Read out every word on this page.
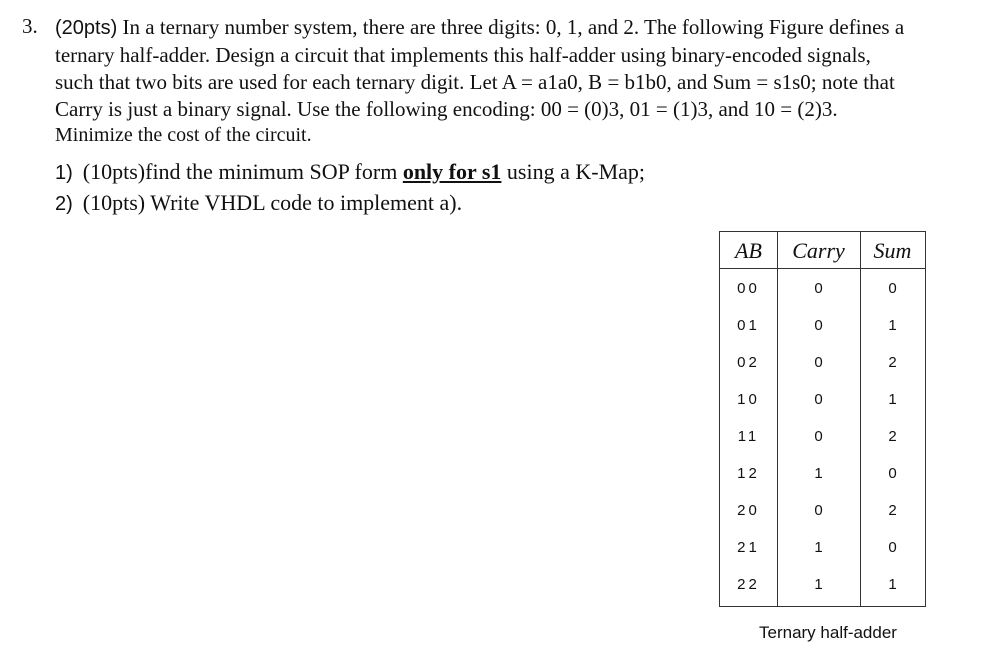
3. (20pts) In a ternary number system, there are three digits: 0, 1, and 2. The following Figure defines a
ternary half-adder. Design a circuit that implements this half-adder using binary-encoded signals,
such that two bits are used for each ternary digit. Let A = a1a0, B = b1b0, and Sum = s1s0; note that
Carry is just a binary signal. Use the following encoding: 00 = (0)3, 01 = (1)3, and 10 = (2)3.
Minimize the cost of the circuit.
1) (10pts)find the minimum SOP form only for s1 using a K-Map;
2) (10pts) Write VHDL code to implement a).
AB	Carry	Sum
00	0	0
01	0	1
02	0	2
10	0	1
11	0	2
12	1	0
20	0	2
21	1	0
22	1	1
Ternary half-adder
